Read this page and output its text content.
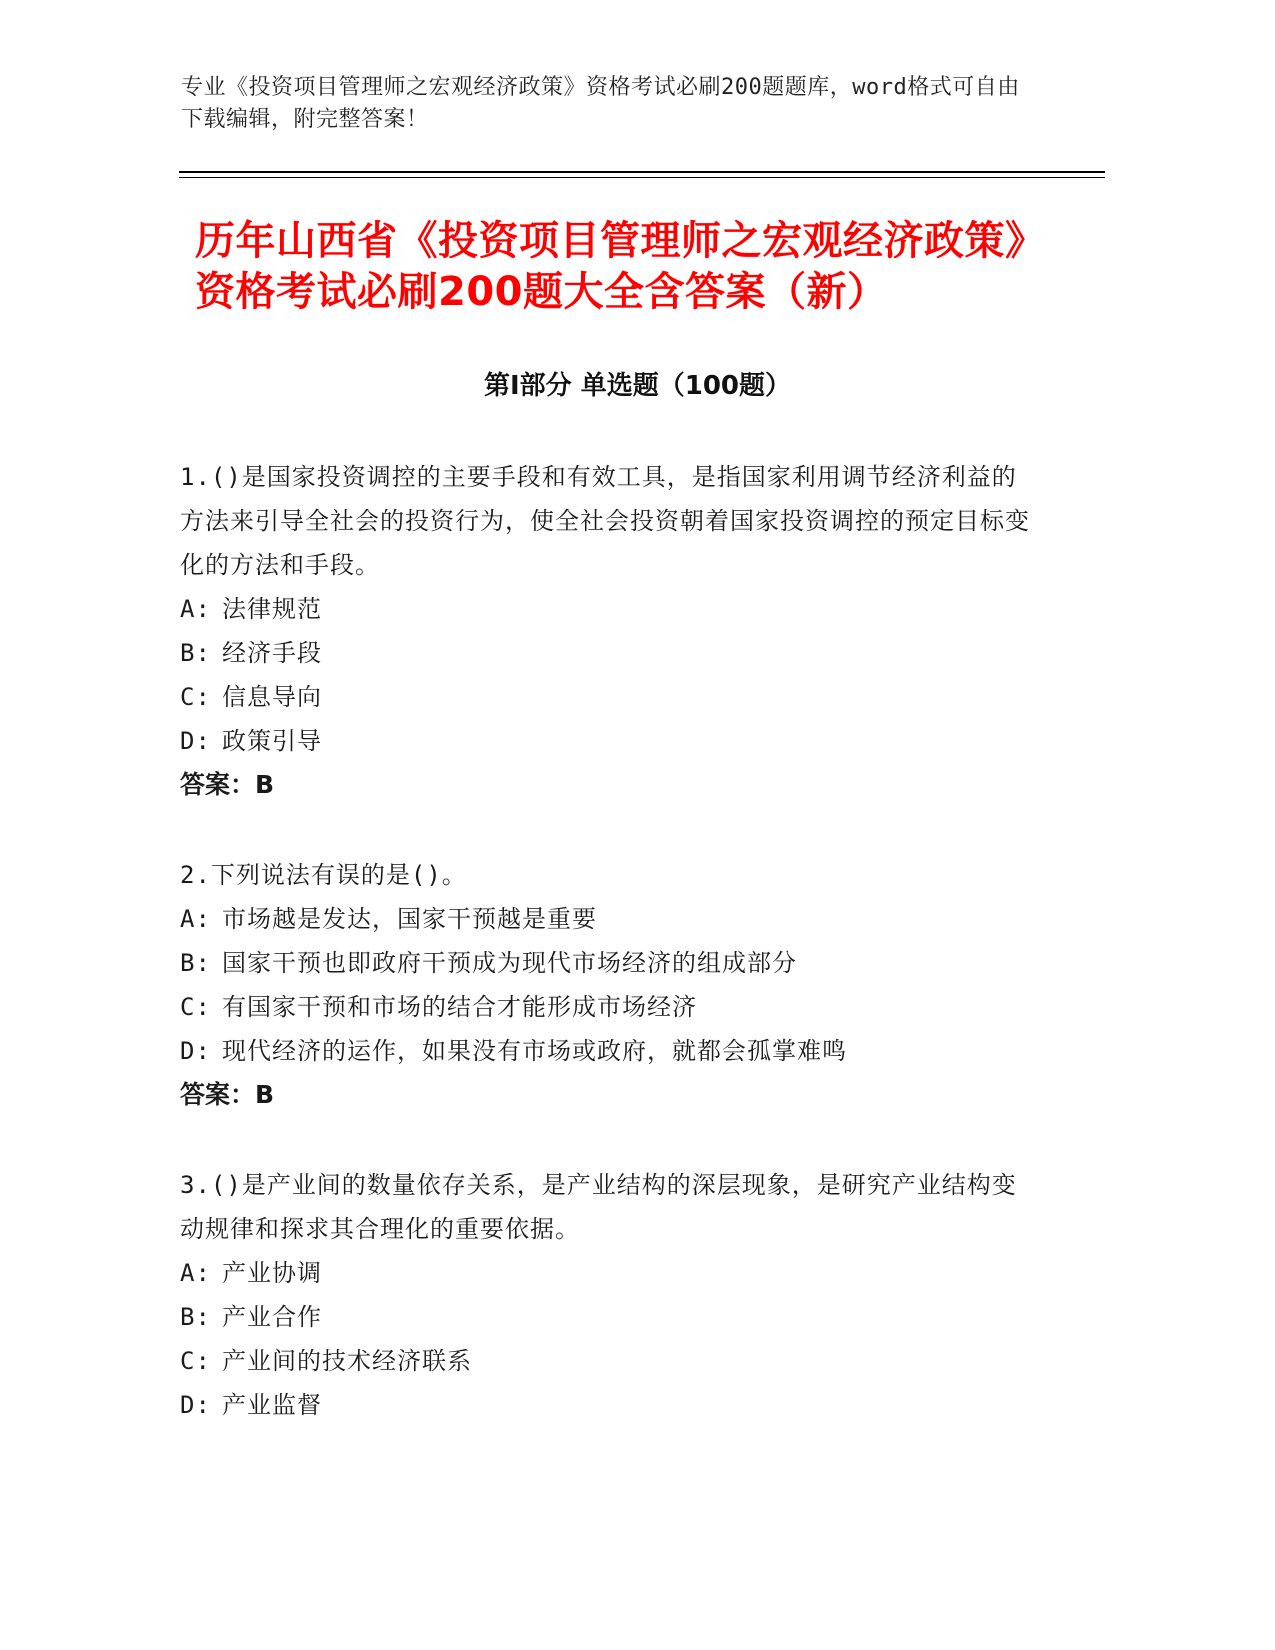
专业《投资项目管理师之宏观经济政策》资格考试必刷200题题库，word格式可自由下载编辑，附完整答案！
历年山西省《投资项目管理师之宏观经济政策》资格考试必刷200题大全含答案（新）
第I部分 单选题（100题）
1.()是国家投资调控的主要手段和有效工具，是指国家利用调节经济利益的方法来引导全社会的投资行为，使全社会投资朝着国家投资调控的预定目标变化的方法和手段。
A: 法律规范
B: 经济手段
C: 信息导向
D: 政策引导
答案：B
2.下列说法有误的是()。
A: 市场越是发达，国家干预越是重要
B: 国家干预也即政府干预成为现代市场经济的组成部分
C: 有国家干预和市场的结合才能形成市场经济
D: 现代经济的运作，如果没有市场或政府，就都会孤掌难鸣
答案：B
3.()是产业间的数量依存关系，是产业结构的深层现象，是研究产业结构变动规律和探求其合理化的重要依据。
A: 产业协调
B: 产业合作
C: 产业间的技术经济联系
D: 产业监督
